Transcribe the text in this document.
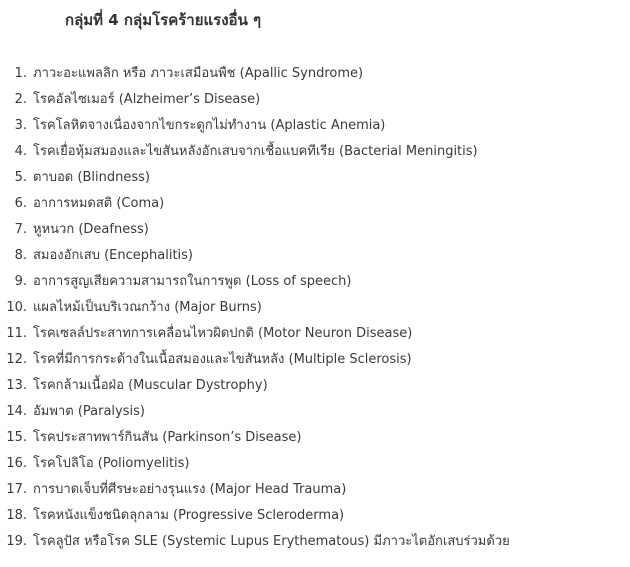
กลุ่มที่ 4 กลุ่มโรคร้ายแรงอื่น ๆ
1. ภาวะอะแพลลิก หรือ ภาวะเสมือนพืช (Apallic Syndrome)
2. โรคอัลไซเมอร์ (Alzheimer’s Disease)
3. โรคโลหิตจางเนื่องจากไขกระดูกไม่ทำงาน (Aplastic Anemia)
4. โรคเยื่อหุ้มสมองและไขสันหลังอักเสบจากเชื้อแบคทีเรีย (Bacterial Meningitis)
5. ตาบอด (Blindness)
6. อาการหมดสติ (Coma)
7. หูหนวก (Deafness)
8. สมองอักเสบ (Encephalitis)
9. อาการสูญเสียความสามารถในการพูด (Loss of speech)
10. แผลไหม้เป็นบริเวณกว้าง (Major Burns)
11. โรคเซลล์ประสาทการเคลื่อนไหวผิดปกติ (Motor Neuron Disease)
12. โรคที่มีการกระด้างในเนื้อสมองและไขสันหลัง (Multiple Sclerosis)
13. โรคกล้ามเนื้อฝ่อ (Muscular Dystrophy)
14. อัมพาต (Paralysis)
15. โรคประสาทพาร์กินสัน (Parkinson’s Disease)
16. โรคโปลิโอ (Poliomyelitis)
17. การบาดเจ็บที่ศีรษะอย่างรุนแรง (Major Head Trauma)
18. โรคหนังแข็งชนิดลุกลาม (Progressive Scleroderma)
19. โรคลูปัส หรือโรค SLE (Systemic Lupus Erythematous) มีภาวะไตอักเสบร่วมด้วย
